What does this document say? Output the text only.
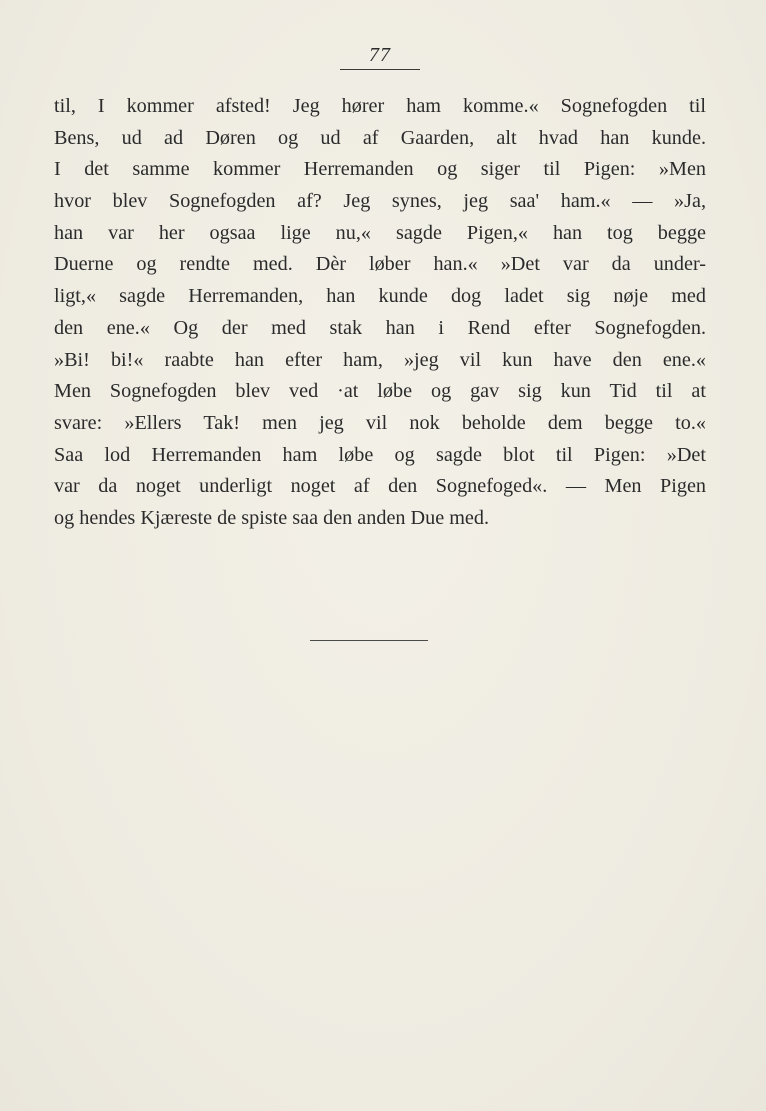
77
til, I kommer afsted! Jeg hører ham komme.« Sognefogden til
Bens, ud ad Døren og ud af Gaarden, alt hvad han kunde.
I det samme kommer Herremanden og siger til Pigen: »Men
hvor blev Sognefogden af? Jeg synes, jeg saa' ham.« — »Ja,
han var her ogsaa lige nu,« sagde Pigen,« han tog begge
Duerne og rendte med. Dèr løber han.« »Det var da under-
ligt,« sagde Herremanden, han kunde dog ladet sig nøje med
den ene.« Og der med stak han i Rend efter Sognefogden.
»Bi! bi!« raabte han efter ham, »jeg vil kun have den ene.«
Men Sognefogden blev ved ·at løbe og gav sig kun Tid til at
svare: »Ellers Tak! men jeg vil nok beholde dem begge to.«
Saa lod Herremanden ham løbe og sagde blot til Pigen: »Det
var da noget underligt noget af den Sognefoged«. — Men Pigen
og hendes Kjæreste de spiste saa den anden Due med.
